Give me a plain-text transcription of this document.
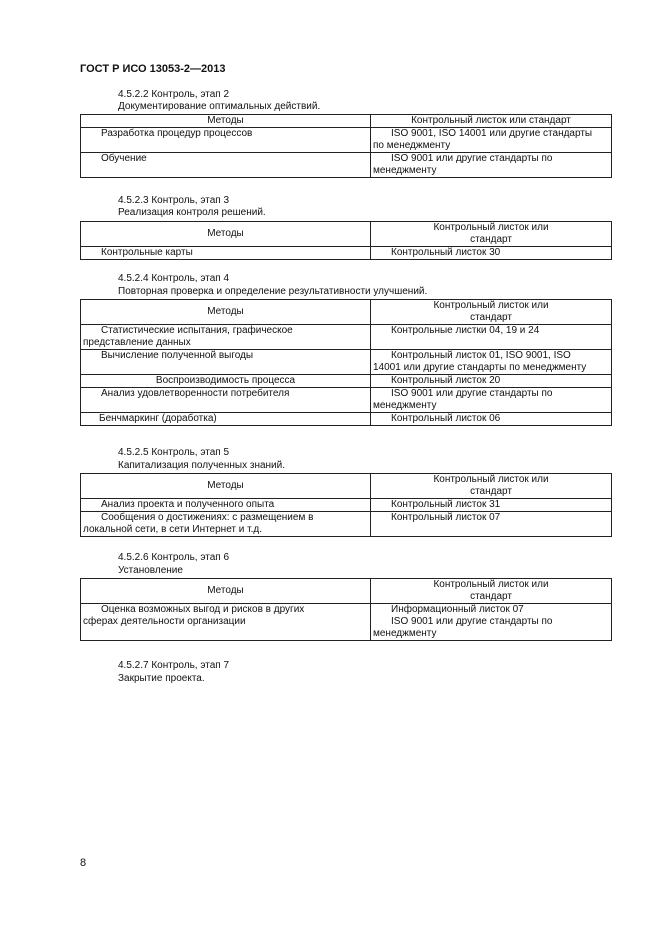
ГОСТ Р ИСО 13053-2—2013
4.5.2.2 Контроль, этап 2
Документирование оптимальных действий.
Методы	Контрольный листок или стандарт
Разработка процедур процессов	ISO 9001, ISO 14001 или другие стандарты
по менеджменту
Обучение	ISO 9001 или другие стандарты по
менеджменту
4.5.2.3 Контроль, этап 3
Реализация контроля решений.
Методы	Контрольный листок или
стандарт
Контрольные карты	Контрольный листок 30
4.5.2.4 Контроль, этап 4
Повторная проверка и определение результативности улучшений.
Методы	Контрольный листок или
стандарт
Статистические испытания, графическое
представление данных	Контрольные листки 04, 19 и 24
Вычисление полученной выгоды	Контрольный листок 01, ISO 9001, ISO
14001 или другие стандарты по менеджменту
Воспроизводимость процесса	Контрольный листок 20
Анализ удовлетворенности потребителя	ISO 9001 или другие стандарты по
менеджменту
Бенчмаркинг (доработка)	Контрольный листок 06
4.5.2.5 Контроль, этап 5
Капитализация полученных знаний.
Методы	Контрольный листок или
стандарт
Анализ проекта и полученного опыта	Контрольный листок 31
Сообщения о достижениях: с размещением в
локальной сети, в сети Интернет и т.д.	Контрольный листок 07
4.5.2.6 Контроль, этап 6
Установление
Методы	Контрольный листок или
стандарт
Оценка возможных выгод и рисков в других
сферах деятельности организации	Информационный листок 07
ISO 9001 или другие стандарты по
менеджменту
4.5.2.7 Контроль, этап 7
Закрытие проекта.
8
